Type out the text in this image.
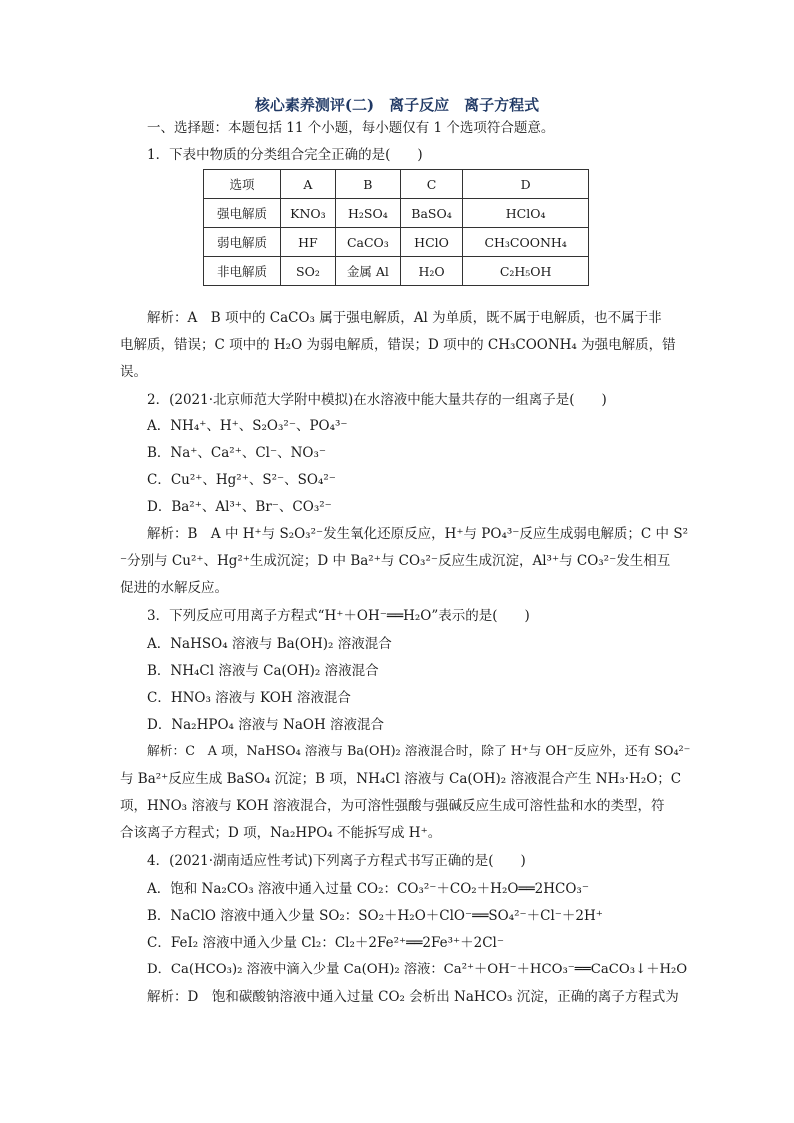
核心素养测评(二)　离子反应　离子方程式
一、选择题：本题包括 11 个小题，每小题仅有 1 个选项符合题意。
1．下表中物质的分类组合完全正确的是(　　)
选项	A	B	C	D
强电解质	KNO₃	H₂SO₄	BaSO₄	HClO₄
弱电解质	HF	CaCO₃	HClO	CH₃COONH₄
非电解质	SO₂	金属 Al	H₂O	C₂H₅OH
解析：A　B 项中的 CaCO₃ 属于强电解质，Al 为单质，既不属于电解质，也不属于非
电解质，错误；C 项中的 H₂O 为弱电解质，错误；D 项中的 CH₃COONH₄ 为强电解质，错
误。
2．(2021·北京师范大学附中模拟)在水溶液中能大量共存的一组离子是(　　)
A．NH₄⁺、H⁺、S₂O₃²⁻、PO₄³⁻
B．Na⁺、Ca²⁺、Cl⁻、NO₃⁻
C．Cu²⁺、Hg²⁺、S²⁻、SO₄²⁻
D．Ba²⁺、Al³⁺、Br⁻、CO₃²⁻
解析：B　A 中 H⁺与 S₂O₃²⁻发生氧化还原反应，H⁺与 PO₄³⁻反应生成弱电解质；C 中 S²
⁻分别与 Cu²⁺、Hg²⁺生成沉淀；D 中 Ba²⁺与 CO₃²⁻反应生成沉淀，Al³⁺与 CO₃²⁻发生相互
促进的水解反应。
3．下列反应可用离子方程式“H⁺＋OH⁻══H₂O”表示的是(　　)
A．NaHSO₄ 溶液与 Ba(OH)₂ 溶液混合
B．NH₄Cl 溶液与 Ca(OH)₂ 溶液混合
C．HNO₃ 溶液与 KOH 溶液混合
D．Na₂HPO₄ 溶液与 NaOH 溶液混合
解析：C　A 项，NaHSO₄ 溶液与 Ba(OH)₂ 溶液混合时，除了 H⁺与 OH⁻反应外，还有 SO₄²⁻
与 Ba²⁺反应生成 BaSO₄ 沉淀；B 项，NH₄Cl 溶液与 Ca(OH)₂ 溶液混合产生 NH₃·H₂O；C
项，HNO₃ 溶液与 KOH 溶液混合，为可溶性强酸与强碱反应生成可溶性盐和水的类型，符
合该离子方程式；D 项，Na₂HPO₄ 不能拆写成 H⁺。
4．(2021·湖南适应性考试)下列离子方程式书写正确的是(　　)
A．饱和 Na₂CO₃ 溶液中通入过量 CO₂：CO₃²⁻＋CO₂＋H₂O══2HCO₃⁻
B．NaClO 溶液中通入少量 SO₂：SO₂＋H₂O＋ClO⁻══SO₄²⁻＋Cl⁻＋2H⁺
C．FeI₂ 溶液中通入少量 Cl₂：Cl₂＋2Fe²⁺══2Fe³⁺＋2Cl⁻
D．Ca(HCO₃)₂ 溶液中滴入少量 Ca(OH)₂ 溶液：Ca²⁺＋OH⁻＋HCO₃⁻══CaCO₃↓＋H₂O
解析：D　饱和碳酸钠溶液中通入过量 CO₂ 会析出 NaHCO₃ 沉淀，正确的离子方程式为
